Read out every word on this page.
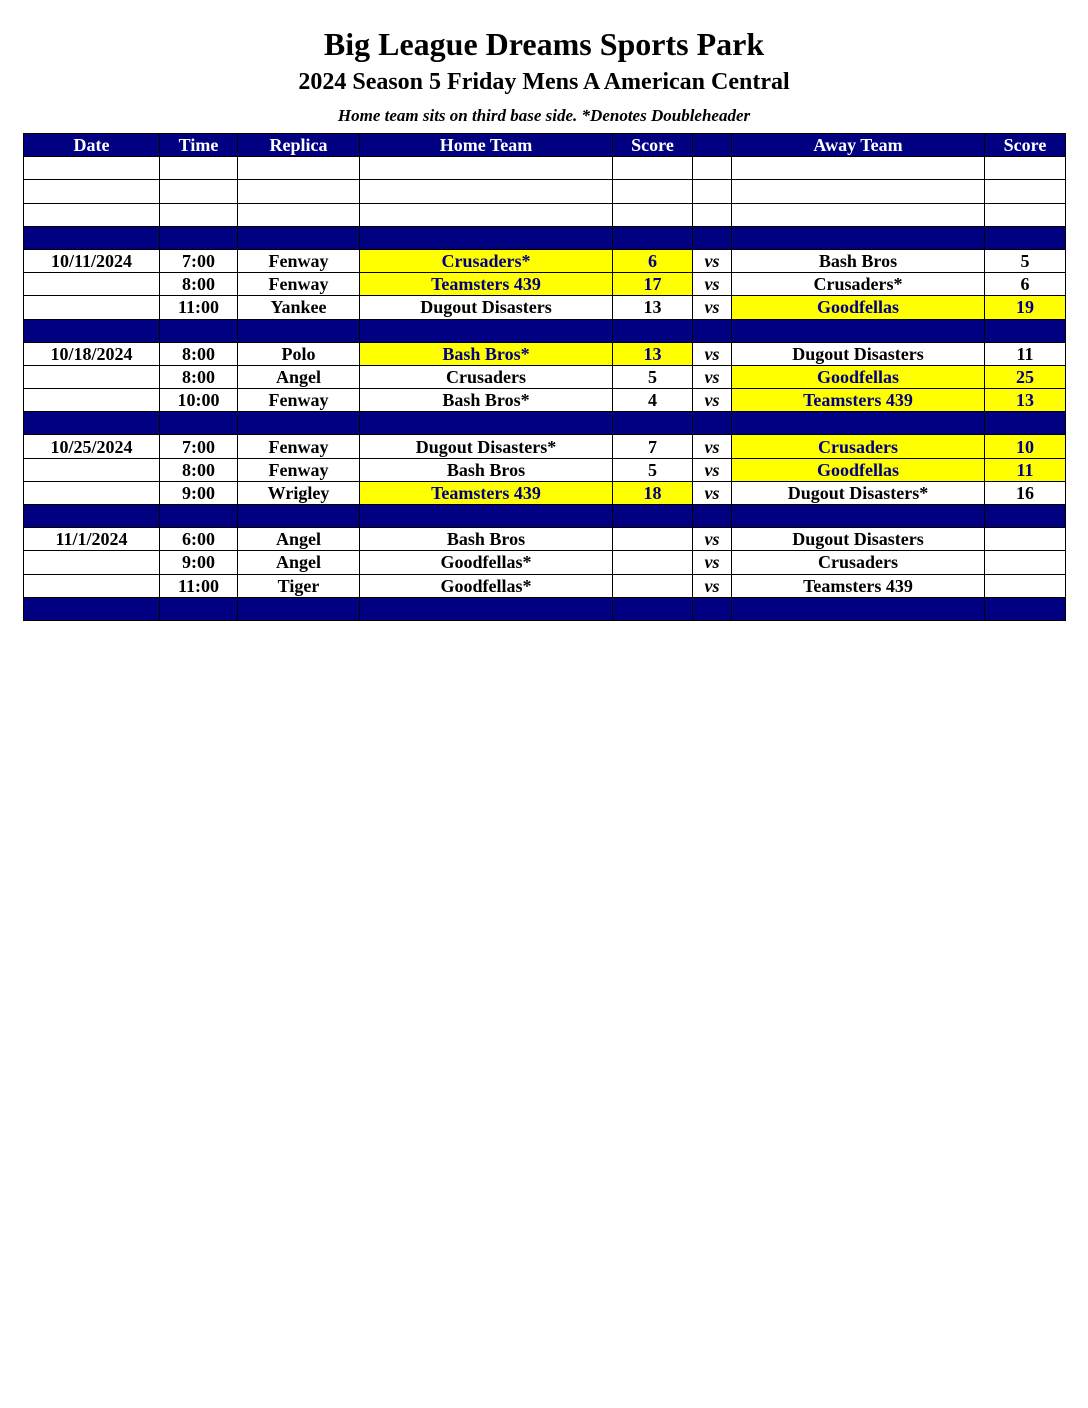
Big League Dreams Sports Park
2024 Season 5 Friday Mens A American Central

Home team sits on third base side. *Denotes Doubleheader

Date	Time	Replica	Home Team	Score		Away Team	Score

10/11/2024	7:00	Fenway	Crusaders*	6	vs	Bash Bros	5
	8:00	Fenway	Teamsters 439	17	vs	Crusaders*	6
	11:00	Yankee	Dugout Disasters	13	vs	Goodfellas	19

10/18/2024	8:00	Polo	Bash Bros*	13	vs	Dugout Disasters	11
	8:00	Angel	Crusaders	5	vs	Goodfellas	25
	10:00	Fenway	Bash Bros*	4	vs	Teamsters 439	13

10/25/2024	7:00	Fenway	Dugout Disasters*	7	vs	Crusaders	10
	8:00	Fenway	Bash Bros	5	vs	Goodfellas	11
	9:00	Wrigley	Teamsters 439	18	vs	Dugout Disasters*	16

11/1/2024	6:00	Angel	Bash Bros		vs	Dugout Disasters	
	9:00	Angel	Goodfellas*		vs	Crusaders	
	11:00	Tiger	Goodfellas*		vs	Teamsters 439	
